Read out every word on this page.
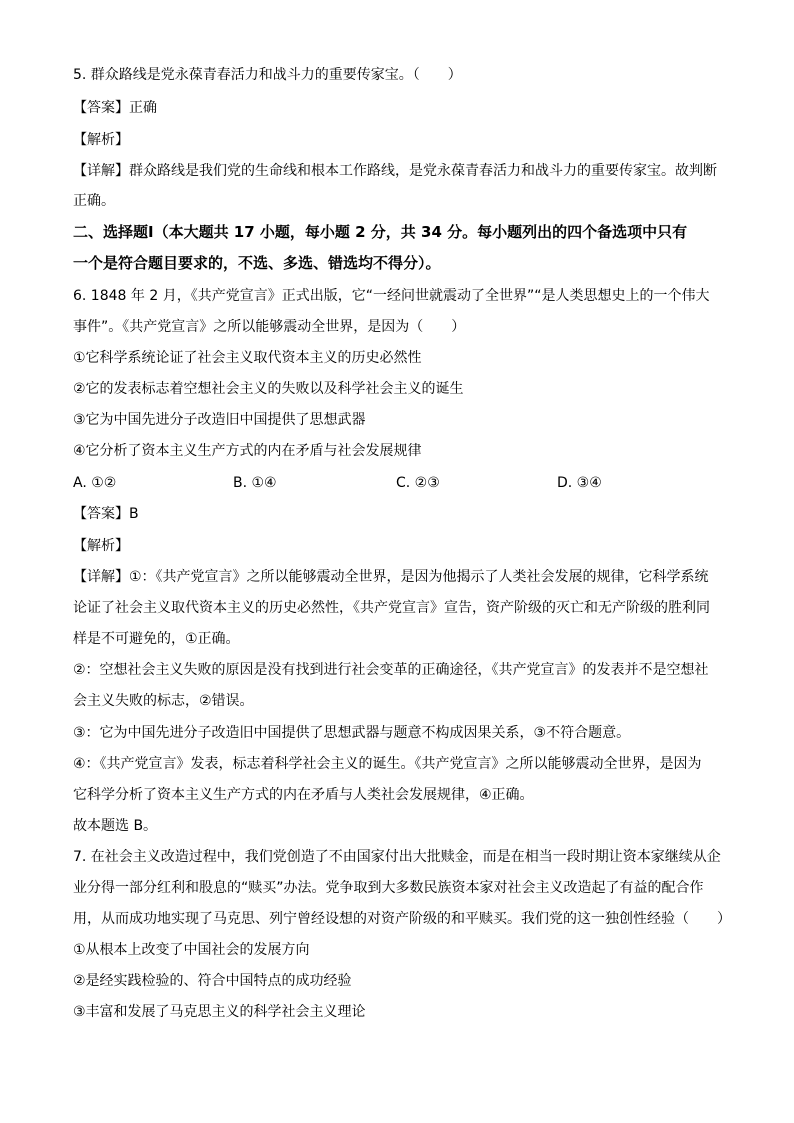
5. 群众路线是党永葆青春活力和战斗力的重要传家宝。（　　）
【答案】正确
【解析】
【详解】群众路线是我们党的生命线和根本工作路线，是党永葆青春活力和战斗力的重要传家宝。故判断
正确。
二、选择题Ⅰ（本大题共 17 小题，每小题 2 分，共 34 分。每小题列出的四个备选项中只有
一个是符合题目要求的，不选、多选、错选均不得分）。
6. 1848 年 2 月，《共产党宣言》正式出版，它“一经问世就震动了全世界”“是人类思想史上的一个伟大
事件”。《共产党宣言》之所以能够震动全世界，是因为（　　）
①它科学系统论证了社会主义取代资本主义的历史必然性
②它的发表标志着空想社会主义的失败以及科学社会主义的诞生
③它为中国先进分子改造旧中国提供了思想武器
④它分析了资本主义生产方式的内在矛盾与社会发展规律
A. ①②	B. ①④	C. ②③	D. ③④
【答案】B
【解析】
【详解】①：《共产党宣言》之所以能够震动全世界，是因为他揭示了人类社会发展的规律，它科学系统
论证了社会主义取代资本主义的历史必然性，《共产党宣言》宣告，资产阶级的灭亡和无产阶级的胜利同
样是不可避免的，①正确。
②：空想社会主义失败的原因是没有找到进行社会变革的正确途径，《共产党宣言》的发表并不是空想社
会主义失败的标志，②错误。
③：它为中国先进分子改造旧中国提供了思想武器与题意不构成因果关系，③不符合题意。
④：《共产党宣言》发表，标志着科学社会主义的诞生。《共产党宣言》之所以能够震动全世界，是因为
它科学分析了资本主义生产方式的内在矛盾与人类社会发展规律，④正确。
故本题选 B。
7. 在社会主义改造过程中，我们党创造了不由国家付出大批赎金，而是在相当一段时期让资本家继续从企
业分得一部分红利和股息的“赎买”办法。党争取到大多数民族资本家对社会主义改造起了有益的配合作
用，从而成功地实现了马克思、列宁曾经设想的对资产阶级的和平赎买。我们党的这一独创性经验（　　）
①从根本上改变了中国社会的发展方向
②是经实践检验的、符合中国特点的成功经验
③丰富和发展了马克思主义的科学社会主义理论
